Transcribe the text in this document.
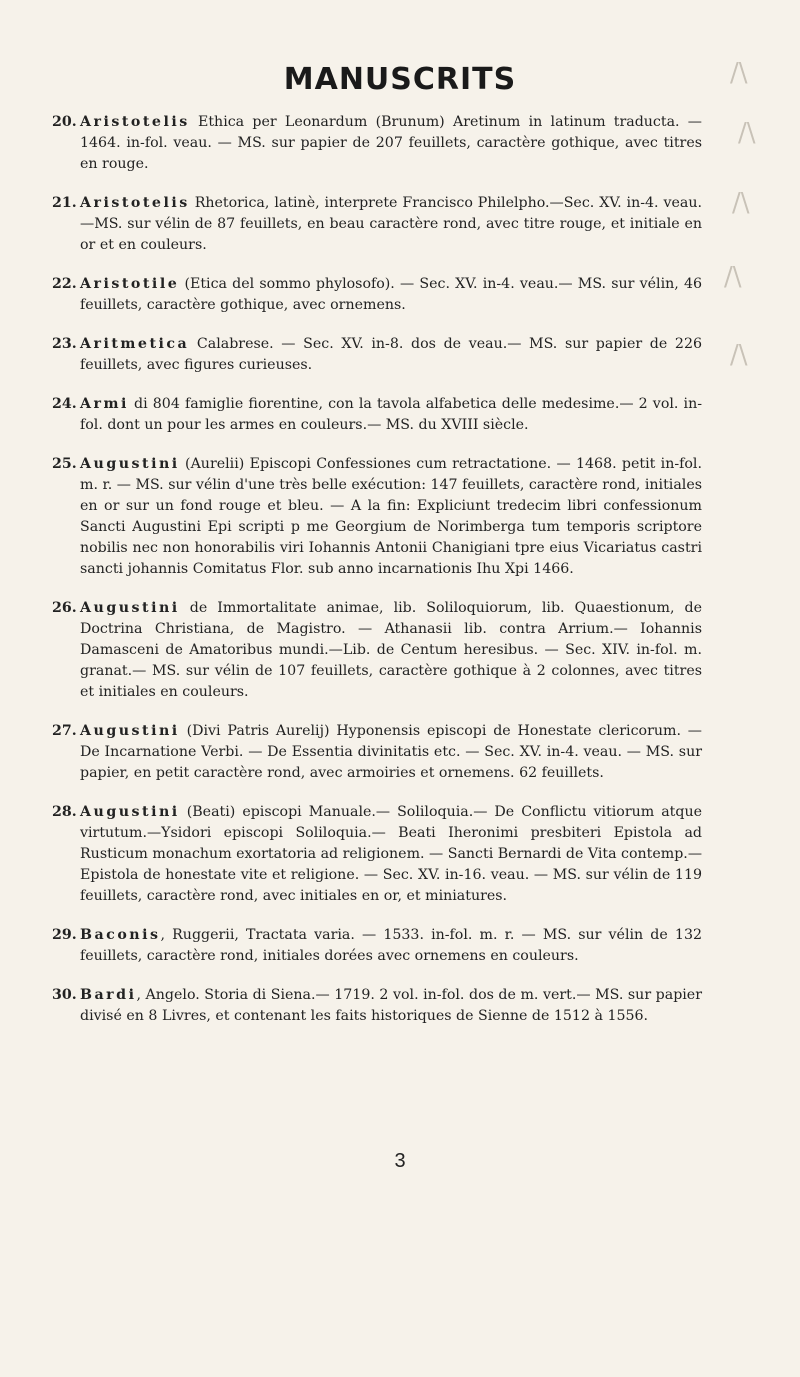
MANUSCRITS
20. Aristotelis Ethica per Leonardum (Brunum) Aretinum in latinum traducta. — 1464. in-fol. veau. — MS. sur papier de 207 feuillets, caractère gothique, avec titres en rouge.
21. Aristotelis Rhetorica, latinè, interprete Francisco Philelpho.—Sec. XV. in-4. veau.—MS. sur vélin de 87 feuillets, en beau caractère rond, avec titre rouge, et initiale en or et en couleurs.
22. Aristotile (Etica del sommo phylosofo). — Sec. XV. in-4. veau.— MS. sur vélin, 46 feuillets, caractère gothique, avec ornemens.
23. Aritmetica Calabrese. — Sec. XV. in-8. dos de veau.— MS. sur papier de 226 feuillets, avec figures curieuses.
24. Armi di 804 famiglie fiorentine, con la tavola alfabetica delle medesime.— 2 vol. in-fol. dont un pour les armes en couleurs.— MS. du XVIII siècle.
25. Augustini (Aurelii) Episcopi Confessiones cum retractatione. — 1468. petit in-fol. m. r. — MS. sur vélin d'une très belle exécution: 147 feuillets, caractère rond, initiales en or sur un fond rouge et bleu. — A la fin: Expliciunt tredecim libri confessionum Sancti Augustini Epi scripti p me Georgium de Norimberga tum temporis scriptore nobilis nec non honorabilis viri Iohannis Antonii Chanigiani tpre eius Vicariatus castri sancti johannis Comitatus Flor. sub anno incarnationis Ihu Xpi 1466.
26. Augustini de Immortalitate animae, lib. Soliloquiorum, lib. Quaestionum, de Doctrina Christiana, de Magistro. — Athanasii lib. contra Arrium.— Iohannis Damasceni de Amatoribus mundi.—Lib. de Centum heresibus. — Sec. XIV. in-fol. m. granat.— MS. sur vélin de 107 feuillets, caractère gothique à 2 colonnes, avec titres et initiales en couleurs.
27. Augustini (Divi Patris Aurelij) Hyponensis episcopi de Honestate clericorum. — De Incarnatione Verbi. — De Essentia divinitatis etc. — Sec. XV. in-4. veau. — MS. sur papier, en petit caractère rond, avec armoiries et ornemens. 62 feuillets.
28. Augustini (Beati) episcopi Manuale.— Soliloquia.— De Conflictu vitiorum atque virtutum.—Ysidori episcopi Soliloquia.— Beati Iheronimi presbiteri Epistola ad Rusticum monachum exortatoria ad religionem. — Sancti Bernardi de Vita contemp.— Epistola de honestate vite et religione. — Sec. XV. in-16. veau. — MS. sur vélin de 119 feuillets, caractère rond, avec initiales en or, et miniatures.
29. Baconis, Ruggerii, Tractata varia. — 1533. in-fol. m. r. — MS. sur vélin de 132 feuillets, caractère rond, initiales dorées avec ornemens en couleurs.
30. Bardi, Angelo. Storia di Siena.— 1719. 2 vol. in-fol. dos de m. vert.— MS. sur papier divisé en 8 Livres, et contenant les faits historiques de Sienne de 1512 à 1556.
3
/\
/\
/\
/\
/\
